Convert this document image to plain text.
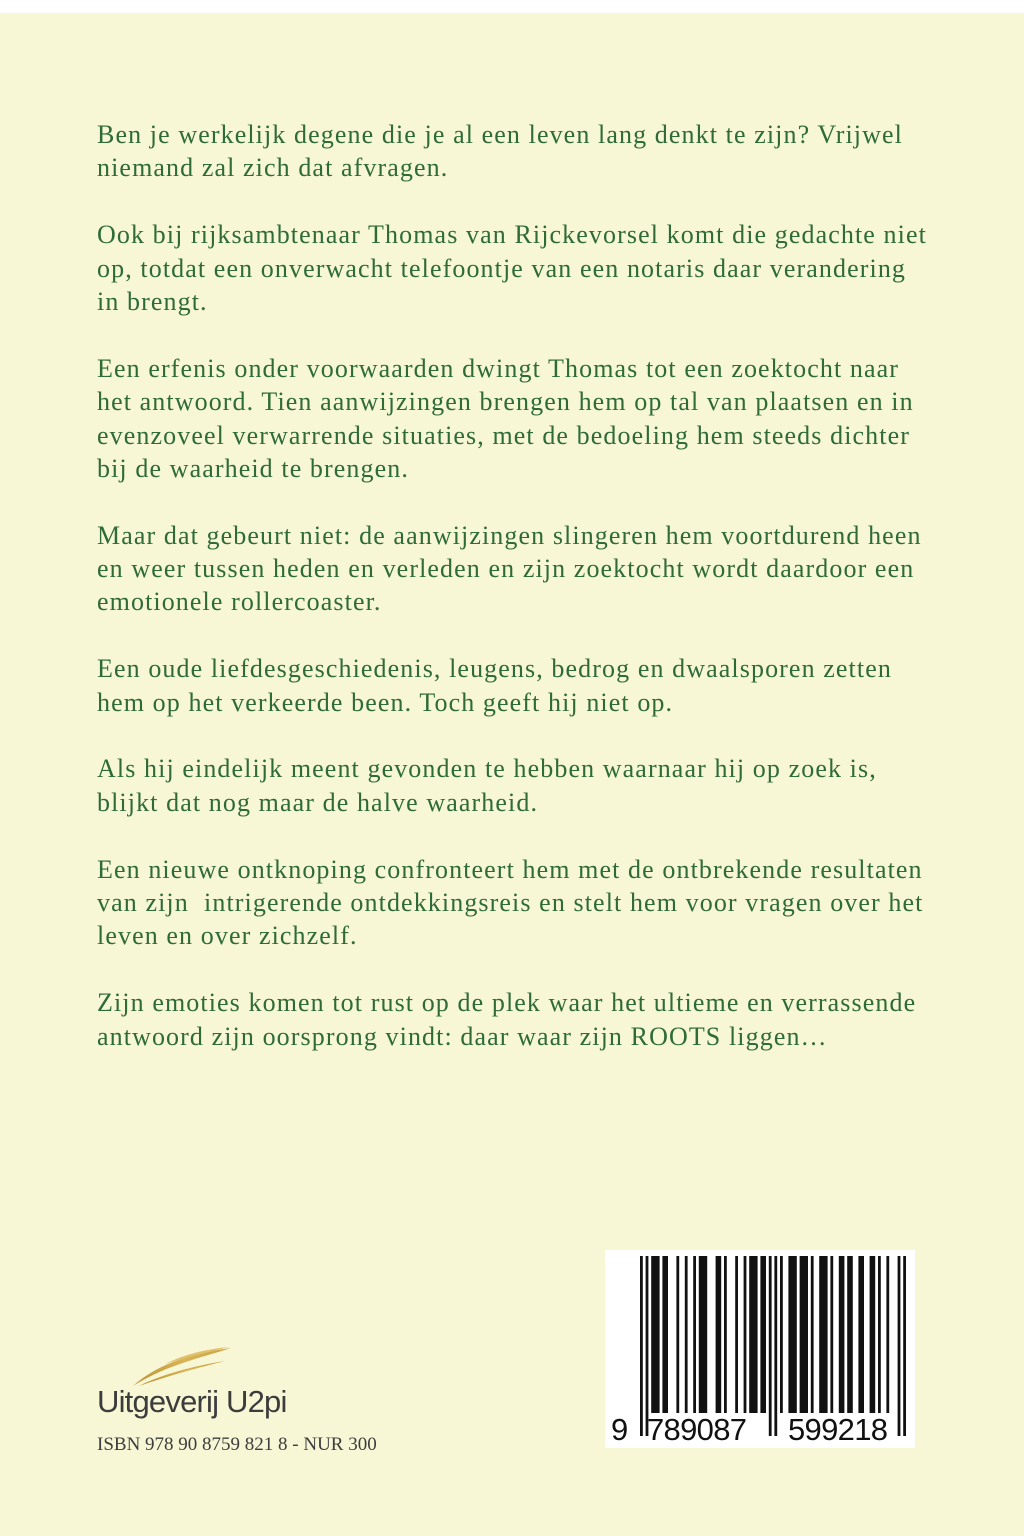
Ben je werkelijk degene die je al een leven lang denkt te zijn? Vrijwel
niemand zal zich dat afvragen.
Ook bij rijksambtenaar Thomas van Rijckevorsel komt die gedachte niet
op, totdat een onverwacht telefoontje van een notaris daar verandering
in brengt.
Een erfenis onder voorwaarden dwingt Thomas tot een zoektocht naar
het antwoord. Tien aanwijzingen brengen hem op tal van plaatsen en in
evenzoveel verwarrende situaties, met de bedoeling hem steeds dichter
bij de waarheid te brengen.
Maar dat gebeurt niet: de aanwijzingen slingeren hem voortdurend heen
en weer tussen heden en verleden en zijn zoektocht wordt daardoor een
emotionele rollercoaster.
Een oude liefdesgeschiedenis, leugens, bedrog en dwaalsporen zetten
hem op het verkeerde been. Toch geeft hij niet op.
Als hij eindelijk meent gevonden te hebben waarnaar hij op zoek is,
blijkt dat nog maar de halve waarheid.
Een nieuwe ontknoping confronteert hem met de ontbrekende resultaten
van zijn  intrigerende ontdekkingsreis en stelt hem voor vragen over het
leven en over zichzelf.
Zijn emoties komen tot rust op de plek waar het ultieme en verrassende
antwoord zijn oorsprong vindt: daar waar zijn ROOTS liggen…
Uitgeverij U2pi
ISBN 978 90 8759 821 8 - NUR 300	9 789087 599218
